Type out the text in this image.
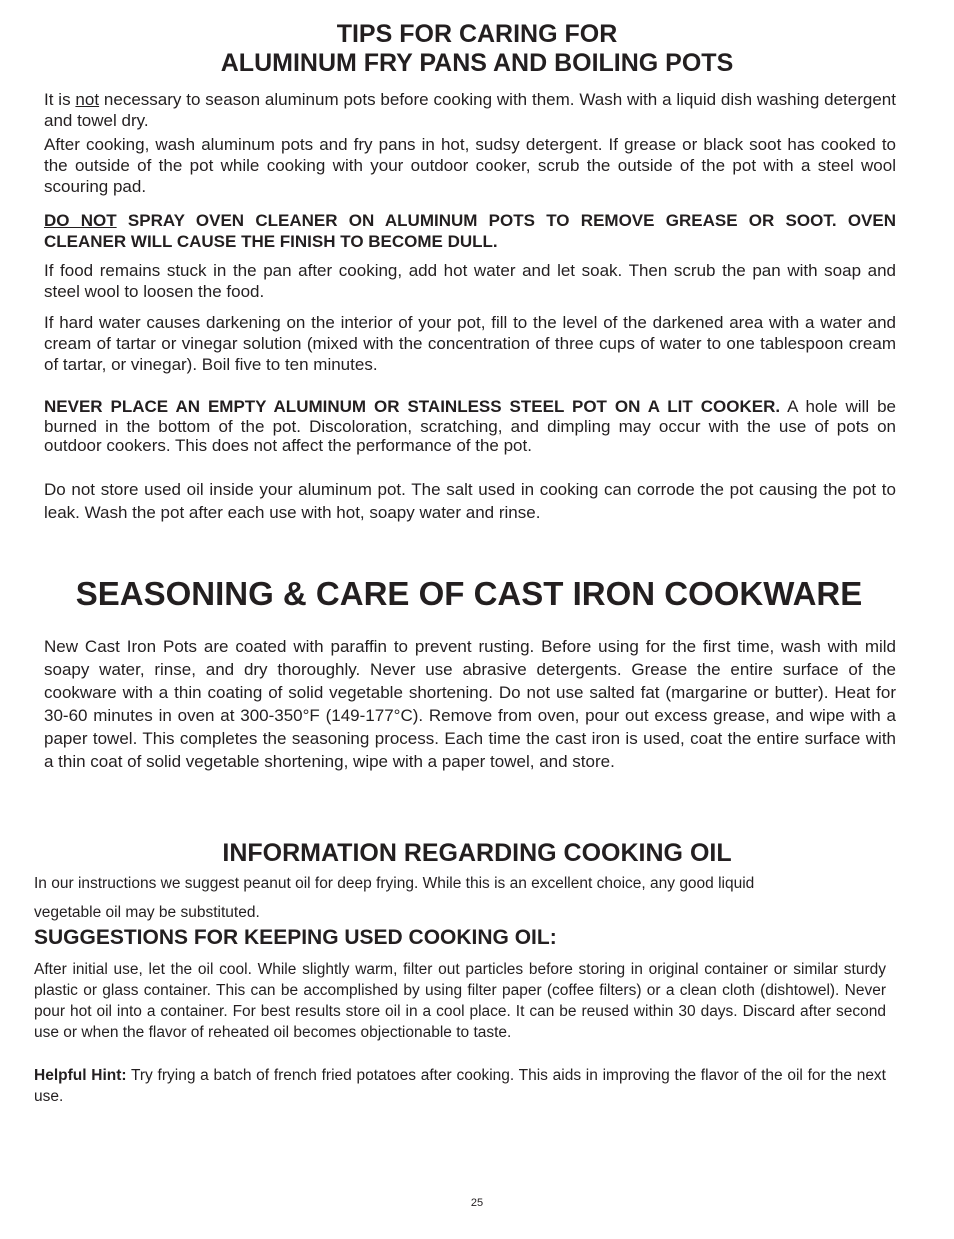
TIPS FOR CARING FOR
ALUMINUM FRY PANS AND BOILING POTS

It is not necessary to season aluminum pots before cooking with them. Wash with a liquid dish washing detergent and towel dry.

After cooking, wash aluminum pots and fry pans in hot, sudsy detergent. If grease or black soot has cooked to the outside of the pot while cooking with your outdoor cooker, scrub the outside of the pot with a steel wool scouring pad.

DO NOT SPRAY OVEN CLEANER ON ALUMINUM POTS TO REMOVE GREASE OR SOOT. OVEN CLEANER WILL CAUSE THE FINISH TO BECOME DULL.

If food remains stuck in the pan after cooking, add hot water and let soak. Then scrub the pan with soap and steel wool to loosen the food.

If hard water causes darkening on the interior of your pot, fill to the level of the darkened area with a water and cream of tartar or vinegar solution (mixed with the concentration of three cups of water to one tablespoon cream of tartar, or vinegar). Boil five to ten minutes.

NEVER PLACE AN EMPTY ALUMINUM OR STAINLESS STEEL POT ON A LIT COOKER. A hole will be burned in the bottom of the pot. Discoloration, scratching, and dimpling may occur with the use of pots on outdoor cookers. This does not affect the performance of the pot.

Do not store used oil inside your aluminum pot. The salt used in cooking can corrode the pot causing the pot to leak. Wash the pot after each use with hot, soapy water and rinse.

SEASONING & CARE OF CAST IRON COOKWARE

New Cast Iron Pots are coated with paraffin to prevent rusting. Before using for the first time, wash with mild soapy water, rinse, and dry thoroughly. Never use abrasive detergents. Grease the entire surface of the cookware with a thin coating of solid vegetable shortening. Do not use salted fat (margarine or butter). Heat for 30-60 minutes in oven at 300-350°F (149-177°C). Remove from oven, pour out excess grease, and wipe with a paper towel. This completes the seasoning process. Each time the cast iron is used, coat the entire surface with a thin coat of solid vegetable shortening, wipe with a paper towel, and store.

INFORMATION REGARDING COOKING OIL

In our instructions we suggest peanut oil for deep frying. While this is an excellent choice, any good liquid
vegetable oil may be substituted.

SUGGESTIONS FOR KEEPING USED COOKING OIL:

After initial use, let the oil cool. While slightly warm, filter out particles before storing in original container or similar sturdy plastic or glass container. This can be accomplished by using filter paper (coffee filters) or a clean cloth (dishtowel). Never pour hot oil into a container. For best results store oil in a cool place. It can be reused within 30 days. Discard after second use or when the flavor of reheated oil becomes objectionable to taste.

Helpful Hint: Try frying a batch of french fried potatoes after cooking. This aids in improving the flavor of the oil for the next use.

25
